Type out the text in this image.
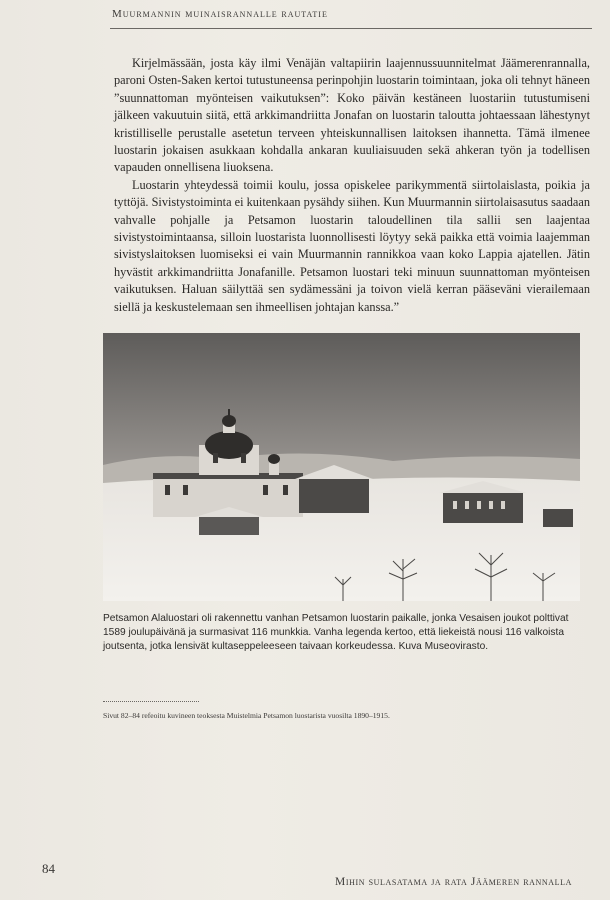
Muurmannin muinaisrannalle rautatie

Kirjelmässään, josta käy ilmi Venäjän valtapiirin laajennussuunnitelmat Jäämerenrannalla, paroni Osten-Saken kertoi tutustuneensa perinpohjin luostarin toimintaan, joka oli tehnyt häneen ”suunnattoman myönteisen vaikutuksen”: Koko päivän kestäneen luostariin tutustumiseni jälkeen vakuutuin siitä, että arkkimandriitta Jonafan on luostarin taloutta johtaessaan lähestynyt kristilliselle perustalle asetetun terveen yhteiskunnallisen laitoksen ihannetta. Tämä ilmenee luostarin jokaisen asukkaan kohdalla ankaran kuuliaisuuden sekä ahkeran työn ja todellisen vapauden onnellisena liuoksena.

Luostarin yhteydessä toimii koulu, jossa opiskelee parikymmentä siirtolaislasta, poikia ja tyttöjä. Sivistystoiminta ei kuitenkaan pysähdy siihen. Kun Muurmannin siirtolaisasutus saadaan vahvalle pohjalle ja Petsamon luostarin taloudellinen tila sallii sen laajentaa sivistystoimintaansa, silloin luostarista luonnollisesti löytyy sekä paikka että voimia laajemman sivistyslaitoksen luomiseksi ei vain Muurmannin rannikkoa vaan koko Lappia ajatellen. Jätin hyvästit arkkimandriitta Jonafanille. Petsamon luostari teki minuun suunnattoman myönteisen vaikutuksen. Haluan säilyttää sen sydämessäni ja toivon vielä kerran pääseväni vierailemaan siellä ja keskustelemaan sen ihmeellisen johtajan kanssa.”

Petsamon Alaluostari oli rakennettu vanhan Petsamon luostarin paikalle, jonka Vesaisen joukot polttivat 1589 joulupäivänä ja surmasivat 116 munkkia. Vanha legenda kertoo, että liekeistä nousi 116 valkoista joutsenta, jotka lensivät kultaseppeleeseen taivaan korkeudessa. Kuva Museovirasto.
Sivut 82–84 refeoitu kuvineen teoksesta Muistelmia Petsamon luostarista vuosilta 1890–1915.
84
Mihin sulasatama ja rata Jäämeren rannalla
